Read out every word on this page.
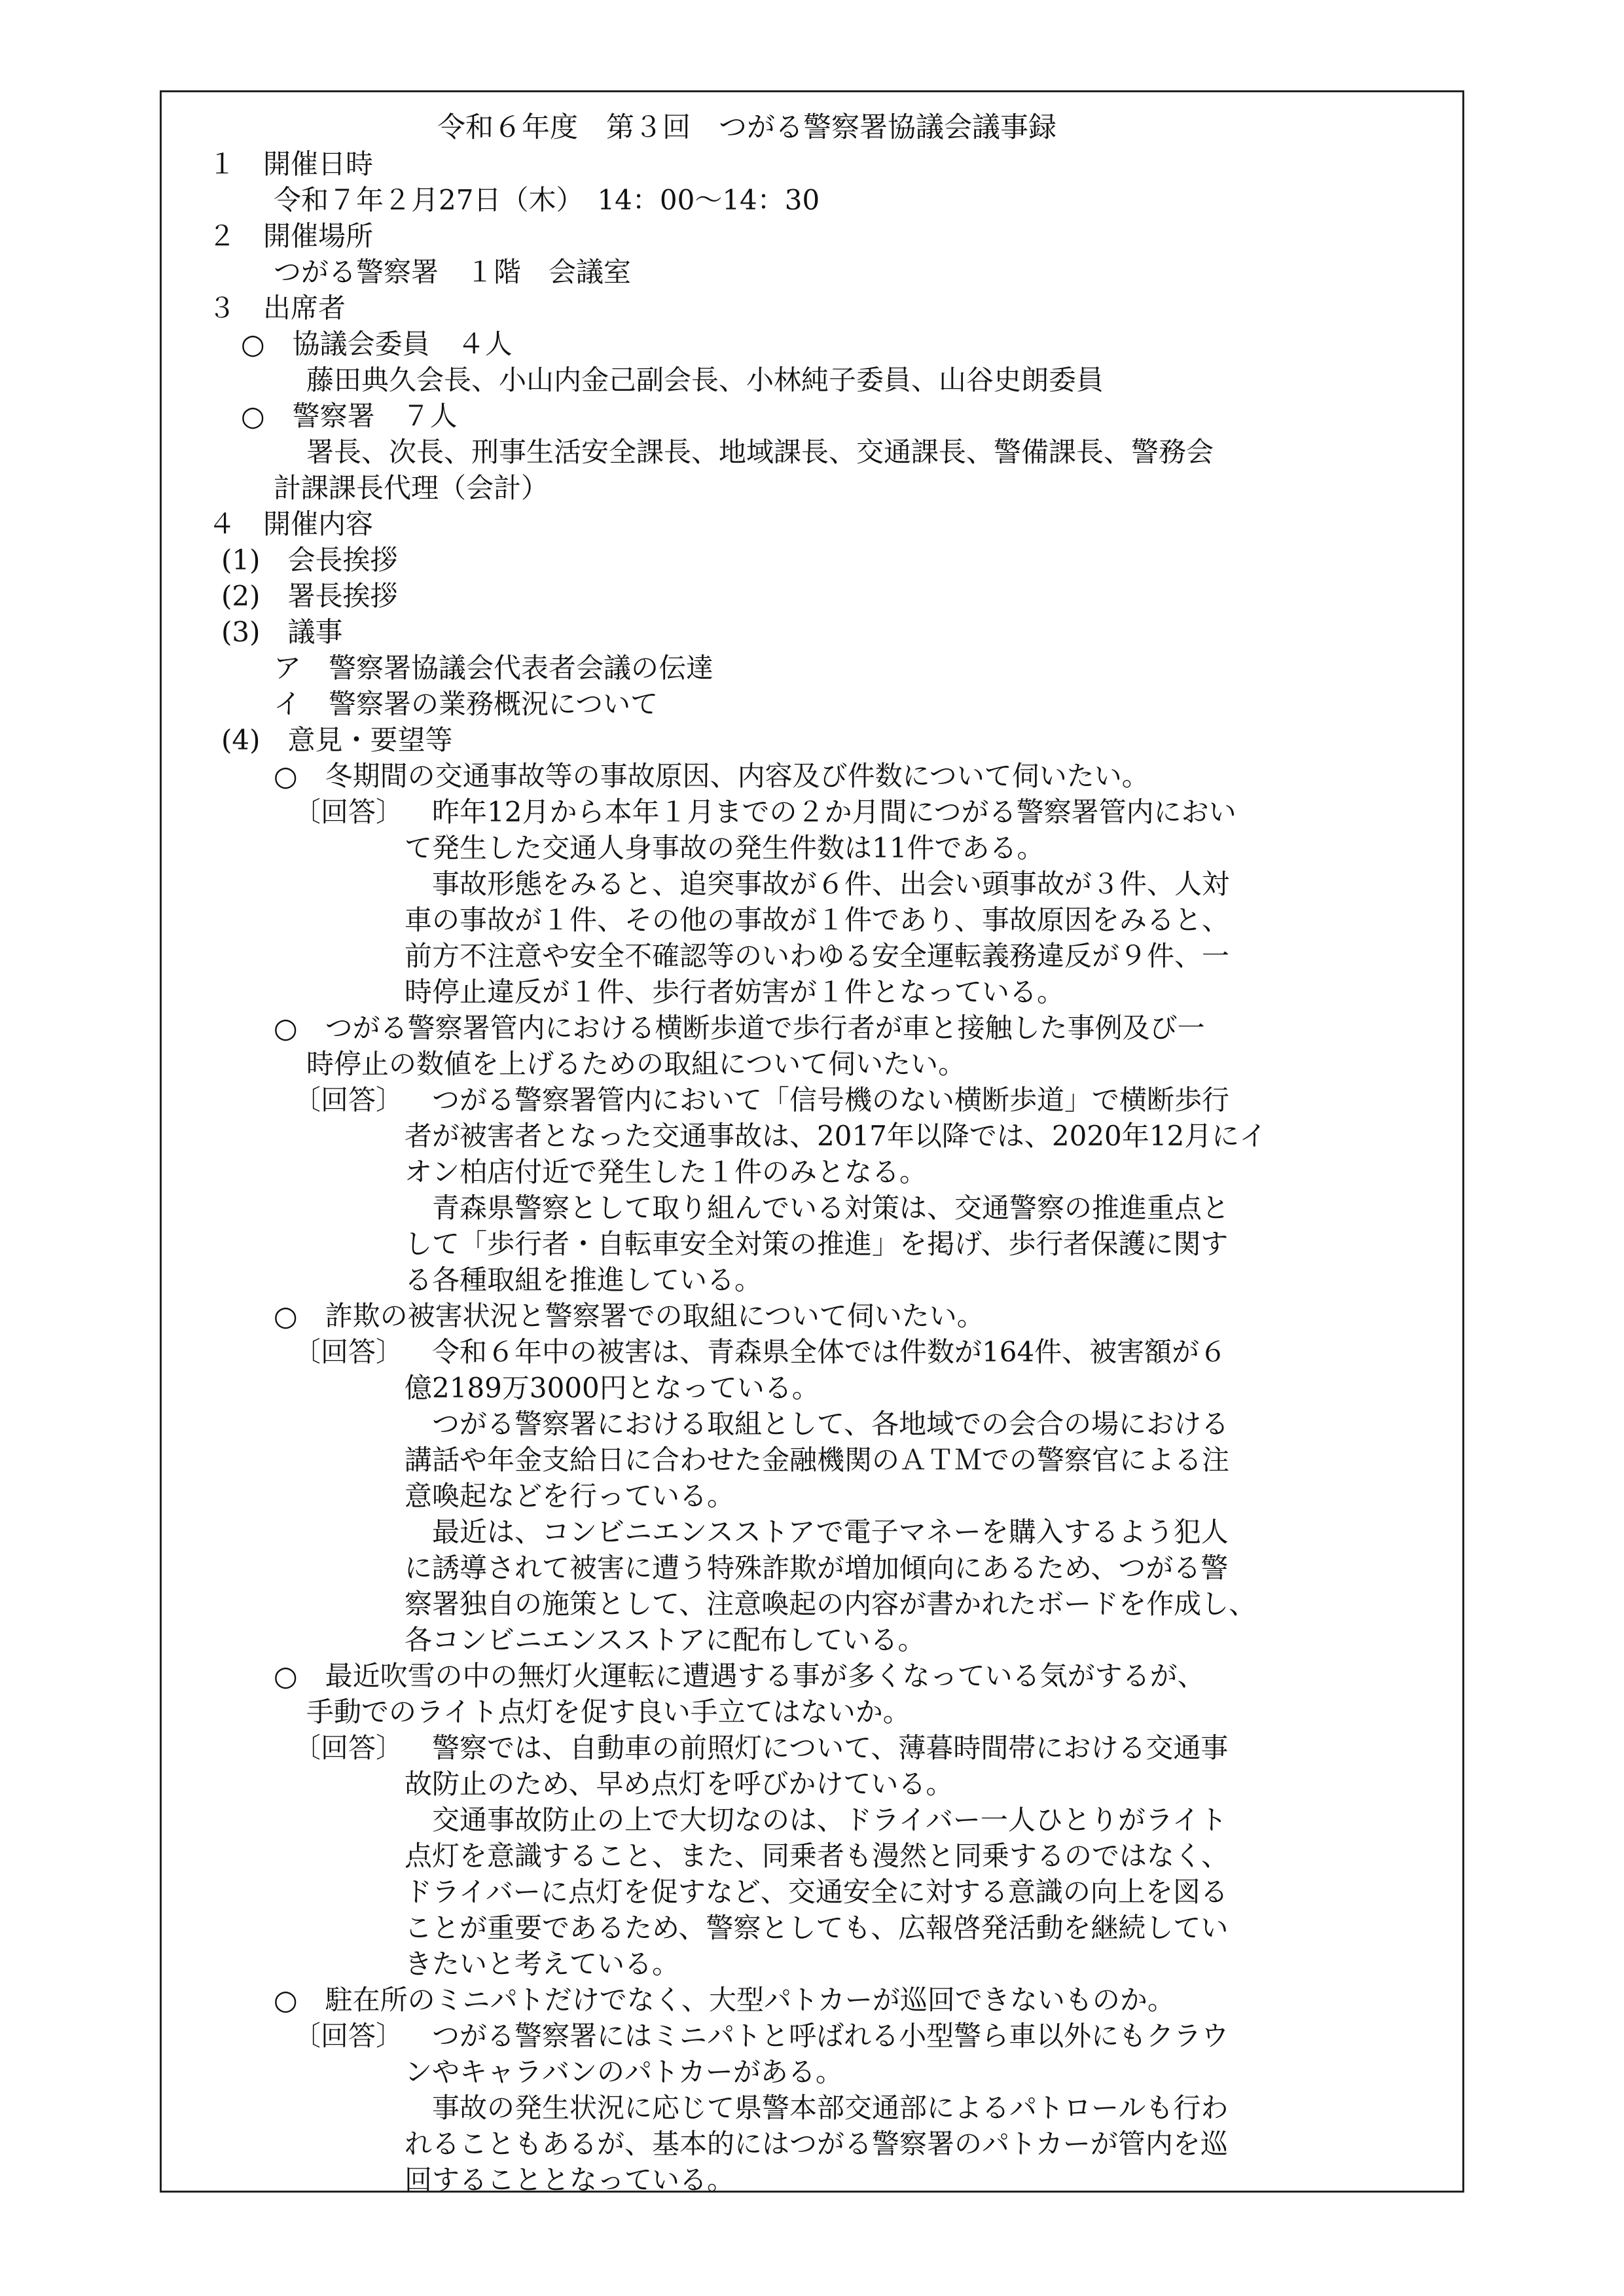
令和６年度　第３回　つがる警察署協議会議事録
１　開催日時
令和７年２月27日（木）　14：00～14：30
２　開催場所
つがる警察署　１階　会議室
３　出席者
○　協議会委員　４人
藤田典久会長、小山内金己副会長、小林純子委員、山谷史朗委員
○　警察署　７人
署長、次長、刑事生活安全課長、地域課長、交通課長、警備課長、警務会
計課課長代理（会計）
４　開催内容
(1)　会長挨拶
(2)　署長挨拶
(3)　議事
ア　警察署協議会代表者会議の伝達
イ　警察署の業務概況について
(4)　意見・要望等
○　冬期間の交通事故等の事故原因、内容及び件数について伺いたい。
〔回答〕 　昨年12月から本年１月までの２か月間につがる警察署管内におい
て発生した交通人身事故の発生件数は11件である。
　事故形態をみると、追突事故が６件、出会い頭事故が３件、人対
車の事故が１件、その他の事故が１件であり、事故原因をみると、
前方不注意や安全不確認等のいわゆる安全運転義務違反が９件、一
時停止違反が１件、歩行者妨害が１件となっている。
○　つがる警察署管内における横断歩道で歩行者が車と接触した事例及び一
時停止の数値を上げるための取組について伺いたい。
〔回答〕 　つがる警察署管内において「信号機のない横断歩道」で横断歩行
者が被害者となった交通事故は、2017年以降では、2020年12月にイ
オン柏店付近で発生した１件のみとなる。
　青森県警察として取り組んでいる対策は、交通警察の推進重点と
して「歩行者・自転車安全対策の推進」を掲げ、歩行者保護に関す
る各種取組を推進している。
○　詐欺の被害状況と警察署での取組について伺いたい。
〔回答〕 　令和６年中の被害は、青森県全体では件数が164件、被害額が６
億2189万3000円となっている。
　つがる警察署における取組として、各地域での会合の場における
講話や年金支給日に合わせた金融機関のＡＴＭでの警察官による注
意喚起などを行っている。
　最近は、コンビニエンスストアで電子マネーを購入するよう犯人
に誘導されて被害に遭う特殊詐欺が増加傾向にあるため、つがる警
察署独自の施策として、注意喚起の内容が書かれたボードを作成し、
各コンビニエンスストアに配布している。
○　最近吹雪の中の無灯火運転に遭遇する事が多くなっている気がするが、
手動でのライト点灯を促す良い手立てはないか。
〔回答〕 　警察では、自動車の前照灯について、薄暮時間帯における交通事
故防止のため、早め点灯を呼びかけている。
　交通事故防止の上で大切なのは、ドライバー一人ひとりがライト
点灯を意識すること、また、同乗者も漫然と同乗するのではなく、
ドライバーに点灯を促すなど、交通安全に対する意識の向上を図る
ことが重要であるため、警察としても、広報啓発活動を継続してい
きたいと考えている。
○　駐在所のミニパトだけでなく、大型パトカーが巡回できないものか。
〔回答〕 　つがる警察署にはミニパトと呼ばれる小型警ら車以外にもクラウ
ンやキャラバンのパトカーがある。
　事故の発生状況に応じて県警本部交通部によるパトロールも行わ
れることもあるが、基本的にはつがる警察署のパトカーが管内を巡
回することとなっている。
